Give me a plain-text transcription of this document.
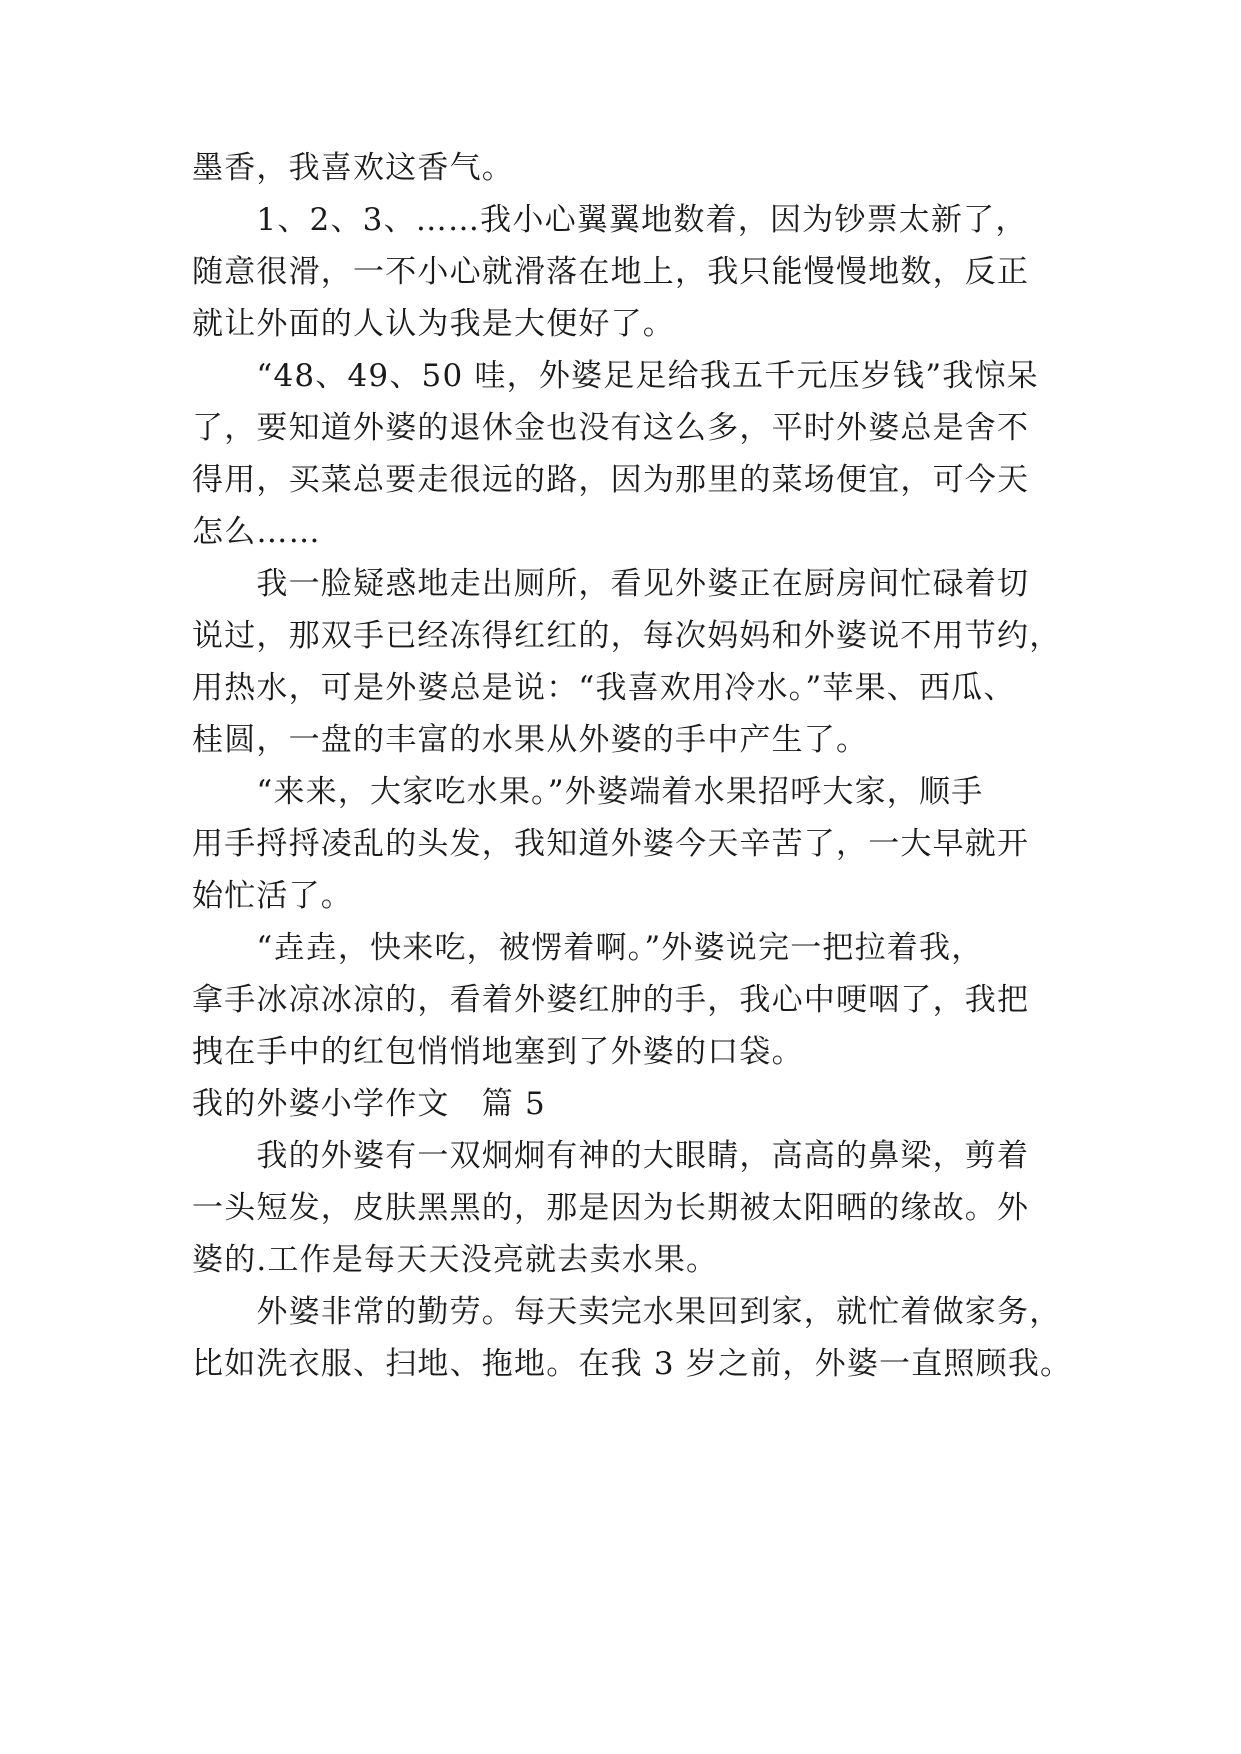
墨香，我喜欢这香气。
　　1、2、3、……我小心翼翼地数着，因为钞票太新了，
随意很滑，一不小心就滑落在地上，我只能慢慢地数，反正
就让外面的人认为我是大便好了。
　　“48、49、50 哇，外婆足足给我五千元压岁钱”我惊呆
了，要知道外婆的退休金也没有这么多，平时外婆总是舍不
得用，买菜总要走很远的路，因为那里的菜场便宜，可今天
怎么……
　　我一脸疑惑地走出厕所，看见外婆正在厨房间忙碌着切
说过，那双手已经冻得红红的，每次妈妈和外婆说不用节约，
用热水，可是外婆总是说：“我喜欢用冷水。”苹果、西瓜、
桂圆，一盘的丰富的水果从外婆的手中产生了。
　　“来来，大家吃水果。”外婆端着水果招呼大家，顺手
用手捋捋凌乱的头发，我知道外婆今天辛苦了，一大早就开
始忙活了。
　　“垚垚，快来吃，被愣着啊。”外婆说完一把拉着我，
拿手冰凉冰凉的，看着外婆红肿的手，我心中哽咽了，我把
拽在手中的红包悄悄地塞到了外婆的口袋。
我的外婆小学作文　篇 5
　　我的外婆有一双炯炯有神的大眼睛，高高的鼻梁，剪着
一头短发，皮肤黑黑的，那是因为长期被太阳晒的缘故。外
婆的.工作是每天天没亮就去卖水果。
　　外婆非常的勤劳。每天卖完水果回到家，就忙着做家务，
比如洗衣服、扫地、拖地。在我 3 岁之前，外婆一直照顾我。
